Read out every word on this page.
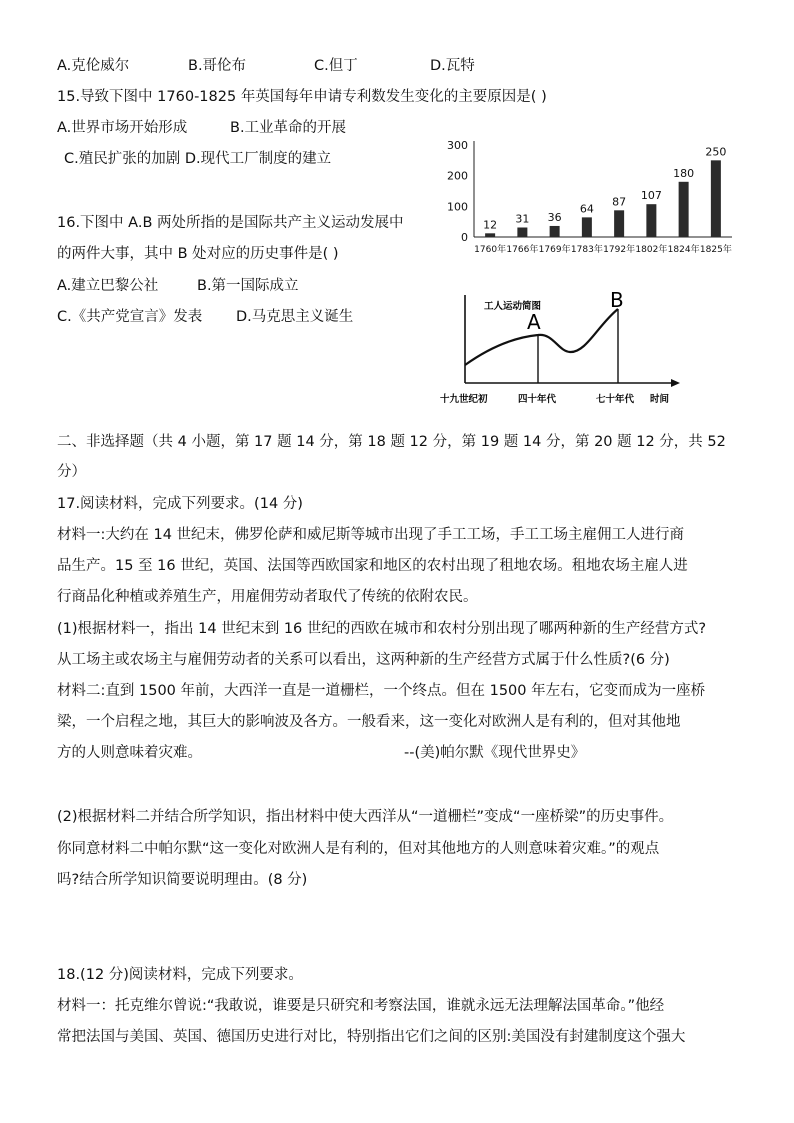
A.克伦威尔	B.哥伦布	C.但丁	D.瓦特
15.导致下图中 1760-1825 年英国每年申请专利数发生变化的主要原因是( )
A.世界市场开始形成	B.工业革命的开展
C.殖民扩张的加剧 D.现代工厂制度的建立
0
100
200
300
12
1760年
31
1766年
36
1769年
64
1783年
87
1792年
107
1802年
180
1824年
250
1825年
16.下图中 A.B 两处所指的是国际共产主义运动发展中
的两件大事，其中 B 处对应的历史事件是( )
A.建立巴黎公社	B.第一国际成立
C.《共产党宣言》发表 D.马克思主义诞生
工人运动简图
A
B
十九世纪初	四十年代	七十年代 时间
二、非选择题（共 4 小题，第 17 题 14 分，第 18 题 12 分，第 19 题 14 分，第 20 题 12 分，共 52
分）
17.阅读材料，完成下列要求。(14 分)
材料一:大约在 14 世纪末，佛罗伦萨和威尼斯等城市出现了手工工场，手工工场主雇佣工人进行商
品生产。15 至 16 世纪，英国、法国等西欧国家和地区的农村出现了租地农场。租地农场主雇人进
行商品化种植或养殖生产，用雇佣劳动者取代了传统的依附农民。
(1)根据材料一，指出 14 世纪末到 16 世纪的西欧在城市和农村分别出现了哪两种新的生产经营方式?
从工场主或农场主与雇佣劳动者的关系可以看出，这两种新的生产经营方式属于什么性质?(6 分)
材料二:直到 1500 年前，大西洋一直是一道栅栏，一个终点。但在 1500 年左右，它变而成为一座桥
梁，一个启程之地，其巨大的影响波及各方。一般看来，这一变化对欧洲人是有利的，但对其他地
方的人则意味着灾难。	--(美)帕尔默《现代世界史》
(2)根据材料二并结合所学知识，指出材料中使大西洋从“一道栅栏”变成“一座桥梁”的历史事件。
你同意材料二中帕尔默“这一变化对欧洲人是有利的，但对其他地方的人则意味着灾难。”的观点
吗?结合所学知识简要说明理由。(8 分)
18.(12 分)阅读材料，完成下列要求。
材料一：托克维尔曾说:“我敢说，谁要是只研究和考察法国，谁就永远无法理解法国革命。”他经
常把法国与美国、英国、德国历史进行对比，特别指出它们之间的区别:美国没有封建制度这个强大
